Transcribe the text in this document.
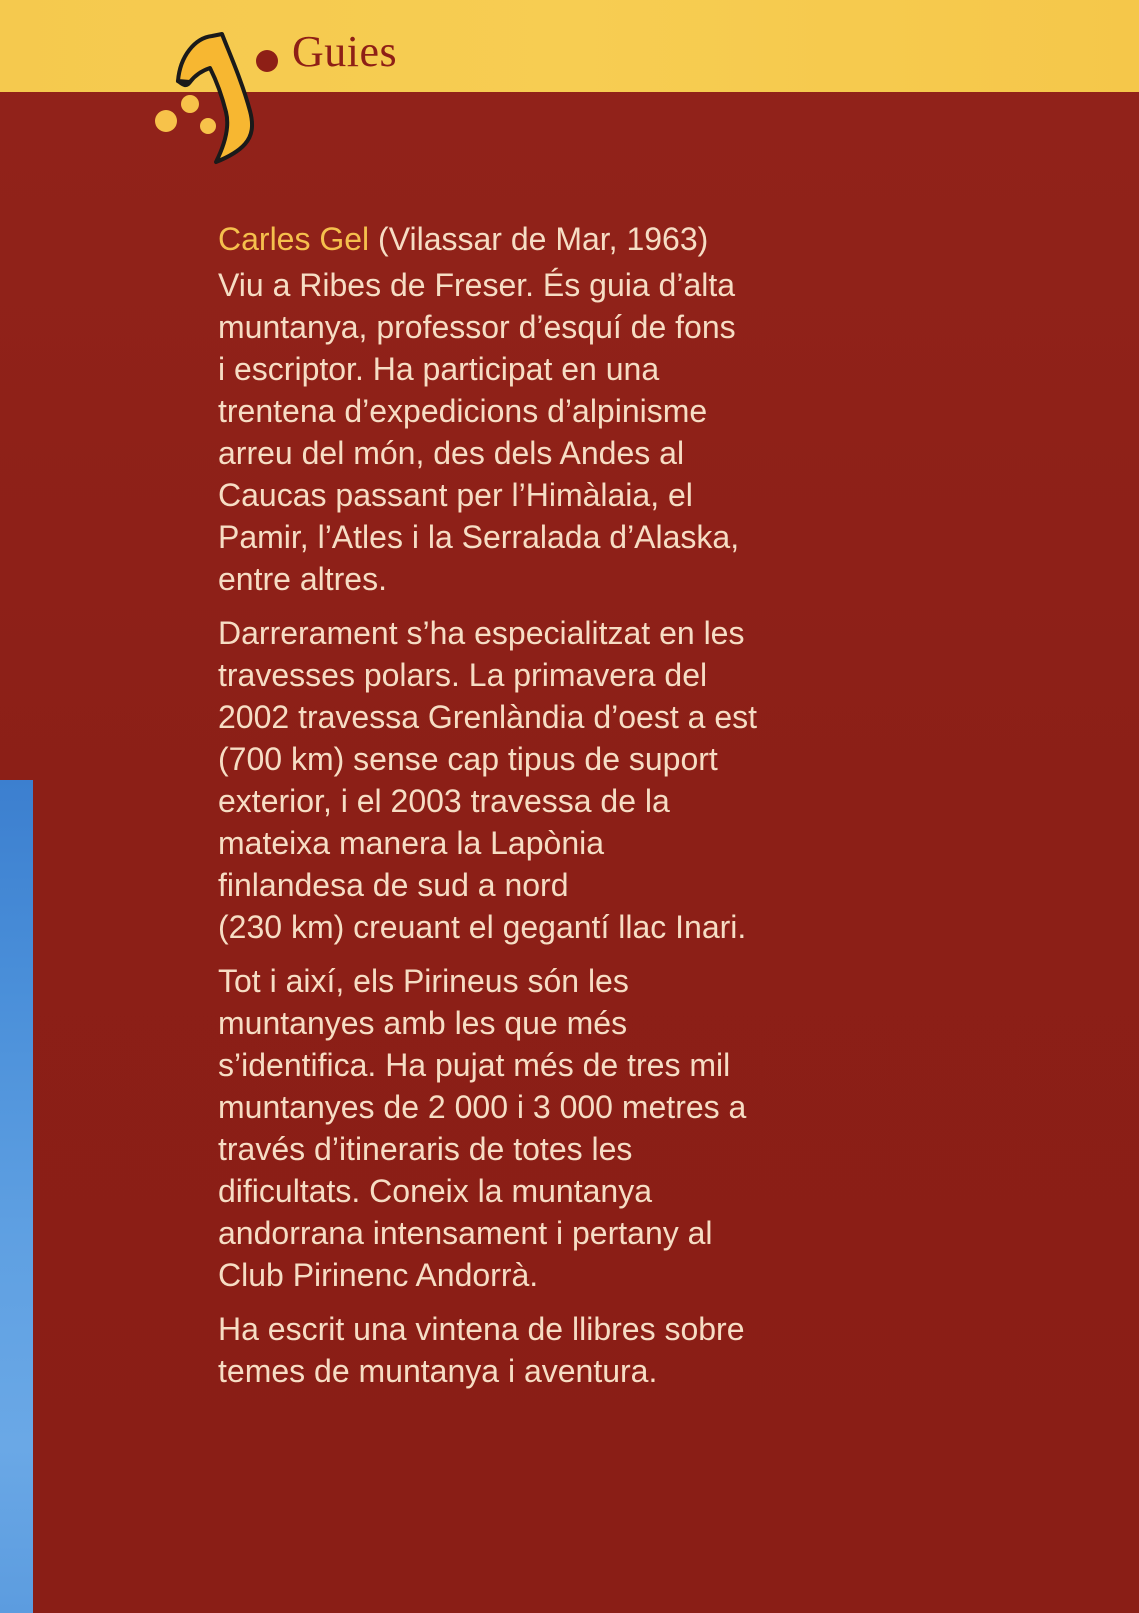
Guies
Carles Gel (Vilassar de Mar, 1963)
Viu a Ribes de Freser. És guia d’alta
muntanya, professor d’esquí de fons
i escriptor. Ha participat en una
trentena d’expedicions d’alpinisme
arreu del món, des dels Andes al
Caucas passant per l’Himàlaia, el
Pamir, l’Atles i la Serralada d’Alaska,
entre altres.
Darrerament s’ha especialitzat en les
travesses polars. La primavera del
2002 travessa Grenlàndia d’oest a est
(700 km) sense cap tipus de suport
exterior, i el 2003 travessa de la
mateixa manera la Lapònia
finlandesa de sud a nord
(230 km) creuant el gegantí llac Inari.
Tot i així, els Pirineus són les
muntanyes amb les que més
s’identifica. Ha pujat més de tres mil
muntanyes de 2 000 i 3 000 metres a
través d’itineraris de totes les
dificultats. Coneix la muntanya
andorrana intensament i pertany al
Club Pirinenc Andorrà.
Ha escrit una vintena de llibres sobre
temes de muntanya i aventura.
